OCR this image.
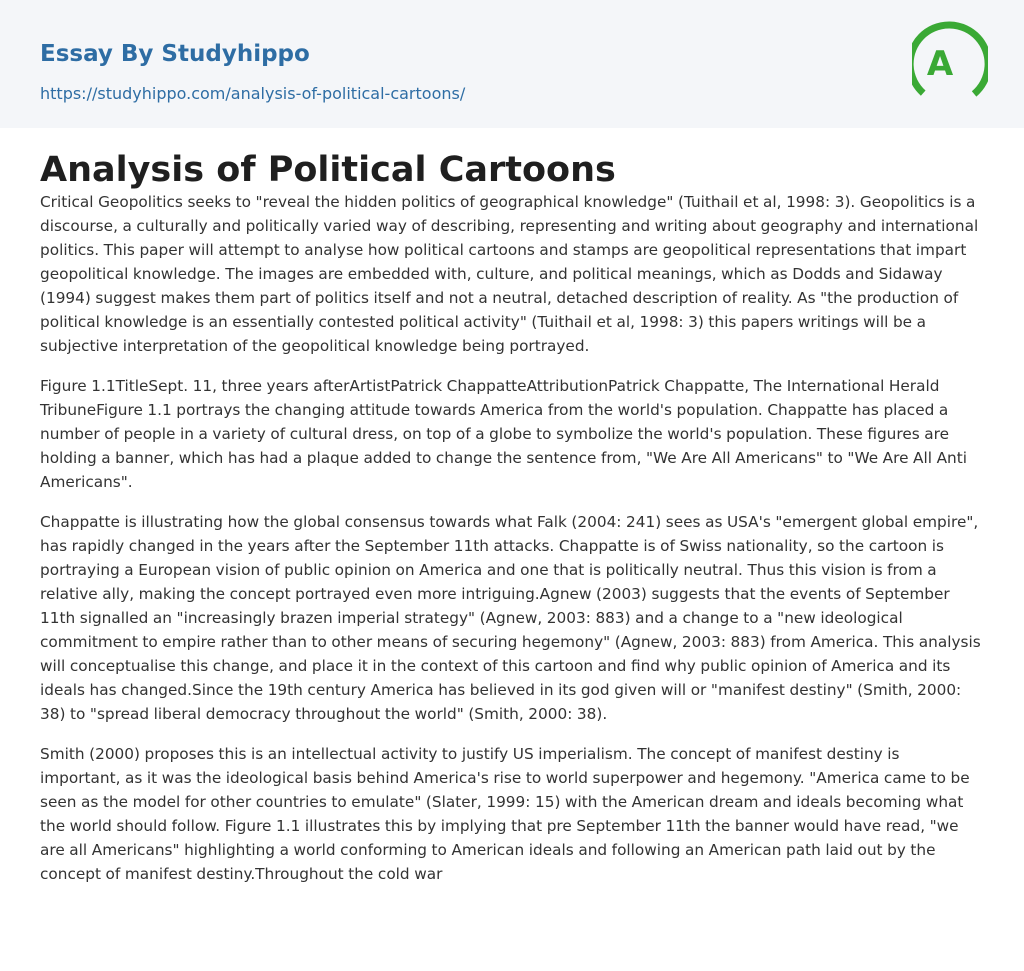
Essay By Studyhippo
https://studyhippo.com/analysis-of-political-cartoons/
A
Analysis of Political Cartoons

Critical Geopolitics seeks to "reveal the hidden politics of geographical knowledge" (Tuithail et al, 1998: 3). Geopolitics is a discourse, a culturally and politically varied way of describing, representing and writing about geography and international politics. This paper will attempt to analyse how political cartoons and stamps are geopolitical representations that impart geopolitical knowledge. The images are embedded with, culture, and political meanings, which as Dodds and Sidaway (1994) suggest makes them part of politics itself and not a neutral, detached description of reality. As "the production of political knowledge is an essentially contested political activity" (Tuithail et al, 1998: 3) this papers writings will be a subjective interpretation of the geopolitical knowledge being portrayed.

Figure 1.1TitleSept. 11, three years afterArtistPatrick ChappatteAttributionPatrick Chappatte, The International Herald TribuneFigure 1.1 portrays the changing attitude towards America from the world's population. Chappatte has placed a number of people in a variety of cultural dress, on top of a globe to symbolize the world's population. These figures are holding a banner, which has had a plaque added to change the sentence from, "We Are All Americans" to "We Are All Anti Americans".

Chappatte is illustrating how the global consensus towards what Falk (2004: 241) sees as USA's "emergent global empire", has rapidly changed in the years after the September 11th attacks. Chappatte is of Swiss nationality, so the cartoon is portraying a European vision of public opinion on America and one that is politically neutral. Thus this vision is from a relative ally, making the concept portrayed even more intriguing.Agnew (2003) suggests that the events of September 11th signalled an "increasingly brazen imperial strategy" (Agnew, 2003: 883) and a change to a "new ideological commitment to empire rather than to other means of securing hegemony" (Agnew, 2003: 883) from America. This analysis will conceptualise this change, and place it in the context of this cartoon and find why public opinion of America and its ideals has changed.Since the 19th century America has believed in its god given will or "manifest destiny" (Smith, 2000: 38) to "spread liberal democracy throughout the world" (Smith, 2000: 38).

Smith (2000) proposes this is an intellectual activity to justify US imperialism. The concept of manifest destiny is important, as it was the ideological basis behind America's rise to world superpower and hegemony. "America came to be seen as the model for other countries to emulate" (Slater, 1999: 15) with the American dream and ideals becoming what the world should follow. Figure 1.1 illustrates this by implying that pre September 11th the banner would have read, "we are all Americans" highlighting a world conforming to American ideals and following an American path laid out by the concept of manifest destiny.Throughout the cold war
